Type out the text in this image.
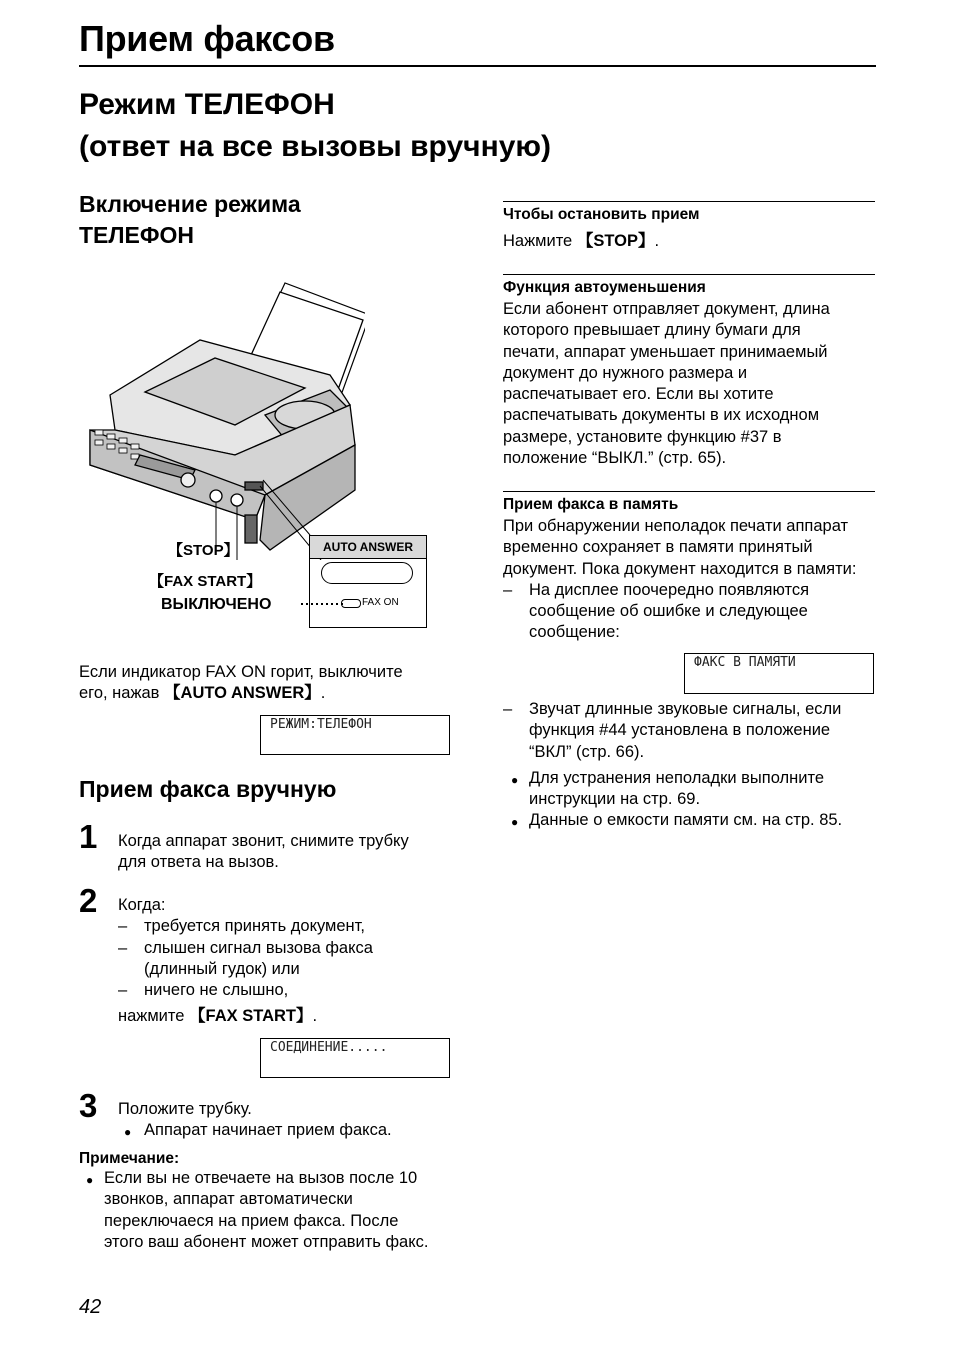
Прием факсов
Режим ТЕЛЕФОН
(ответ на все вызовы вручную)
Включение режима
ТЕЛЕФОН
【STOP】
【FAX START】
ВЫКЛЮЧЕНО
AUTO ANSWER
FAX ON
Если индикатор FAX ON горит, выключите
его, нажав 【AUTO ANSWER】.
РЕЖИМ:ТЕЛЕФОН
Прием факса вручную
1 Когда аппарат звонит, снимите трубку
для ответа на вызов.
2 Когда:
– требуется принять документ,
– слышен сигнал вызова факса
(длинный гудок) или
– ничего не слышно,
нажмите 【FAX START】.
СОЕДИНЕНИЕ.....
3 Положите трубку.
● Аппарат начинает прием факса.
Примечание:
● Если вы не отвечаете на вызов после 10
звонков, аппарат автоматически
переключаеся на прием факса. После
этого ваш абонент может отправить факс.
Чтобы остановить прием
Нажмите 【STOP】.
Функция автоуменьшения
Если абонент отправляет документ, длина
которого превышает длину бумаги для
печати, аппарат уменьшает принимаемый
документ до нужного размера и
распечатывает его. Если вы хотите
распечатывать документы в их исходном
размере, установите функцию #37 в
положение “ВЫКЛ.” (стр. 65).
Прием факса в память
При обнаружении неполадок печати аппарат
временно сохраняет в памяти принятый
документ. Пока документ находится в памяти:
– На дисплее поочередно появляются
сообщение об ошибке и следующее
сообщение:
ФАКС В ПАМЯТИ
– Звучат длинные звуковые сигналы, если
функция #44 установлена в положение
“ВКЛ” (стр. 66).
● Для устранения неполадки выполните
инструкции на стр. 69.
● Данные о емкости памяти см. на стр. 85.
42
